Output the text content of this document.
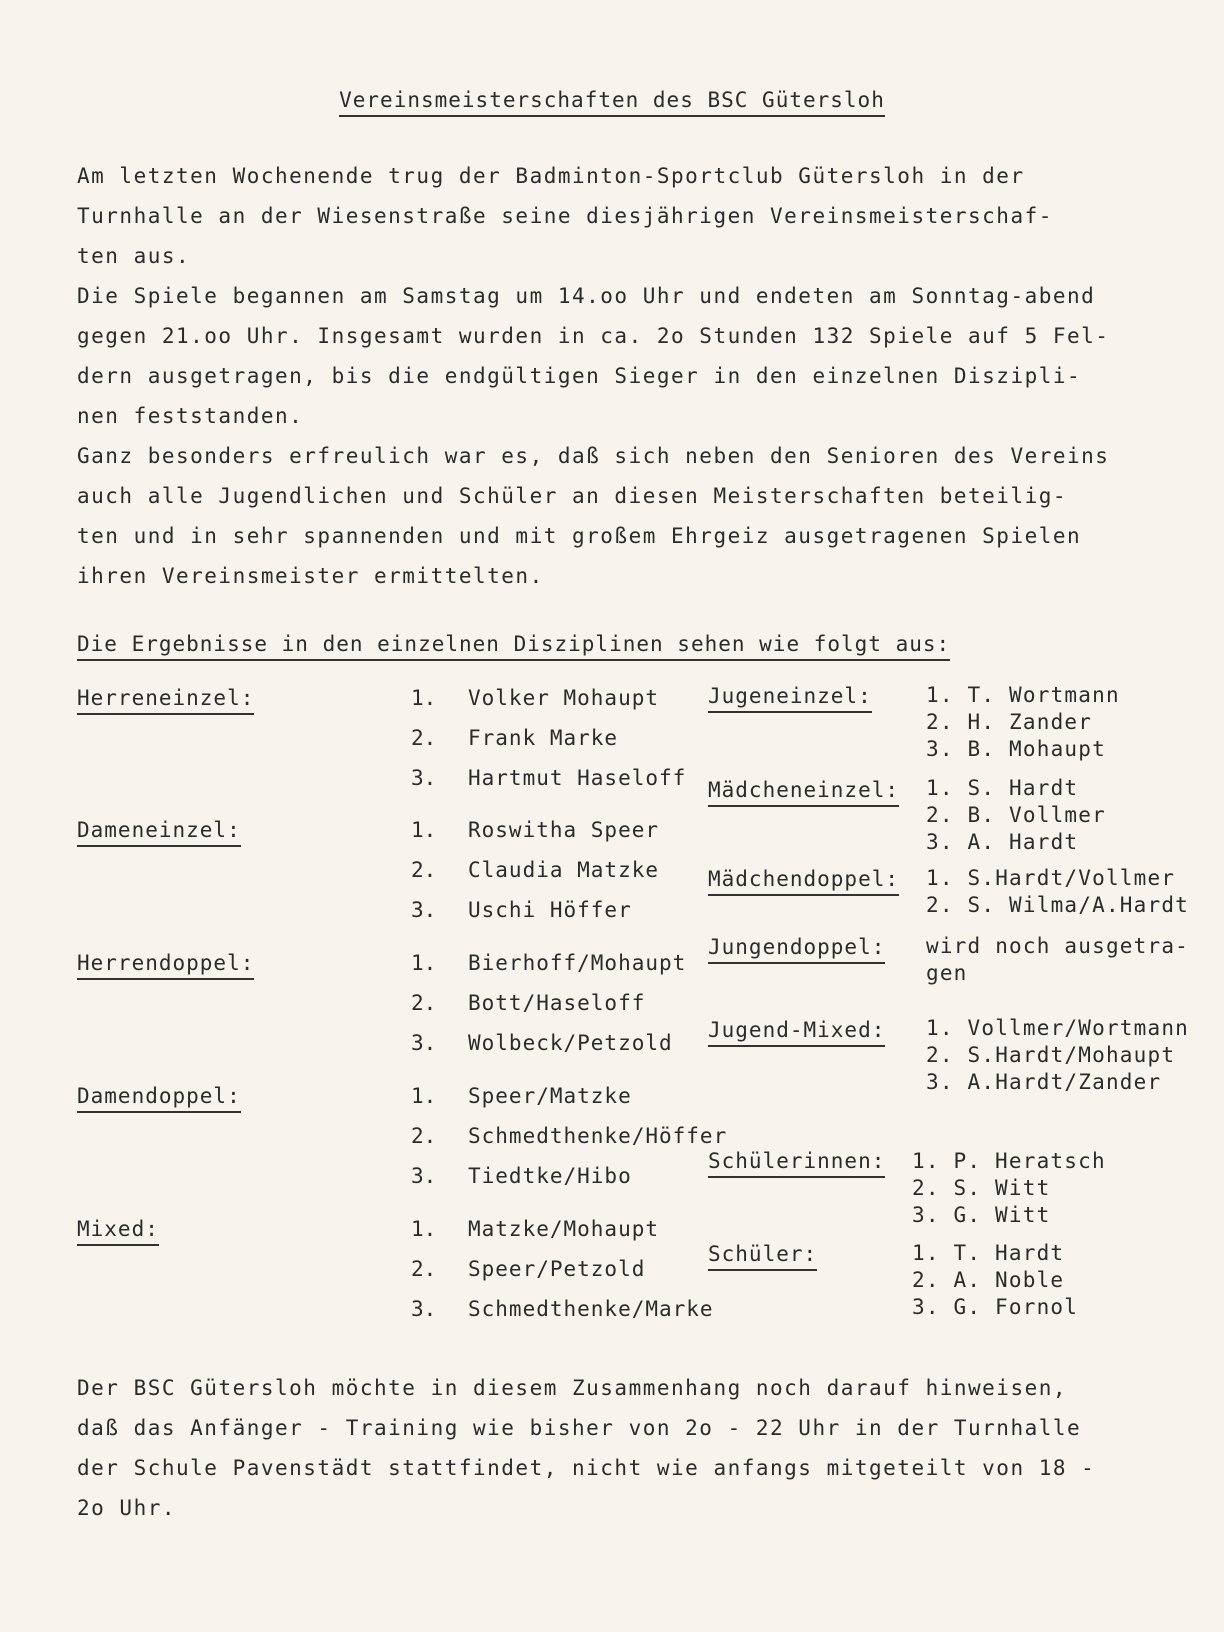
Vereinsmeisterschaften des BSC Gütersloh
Am letzten Wochenende trug der Badminton-Sportclub Gütersloh in der
Turnhalle an der Wiesenstraße seine diesjährigen Vereinsmeisterschaf-
ten aus.
Die Spiele begannen am Samstag um 14.oo Uhr und endeten am Sonntag-abend
gegen 21.oo Uhr. Insgesamt wurden in ca. 2o Stunden 132 Spiele auf 5 Fel-
dern ausgetragen, bis die endgültigen Sieger in den einzelnen Diszipli-
nen feststanden.
Ganz besonders erfreulich war es, daß sich neben den Senioren des Vereins
auch alle Jugendlichen und Schüler an diesen Meisterschaften beteilig-
ten und in sehr spannenden und mit großem Ehrgeiz ausgetragenen Spielen
ihren Vereinsmeister ermittelten.
Die Ergebnisse in den einzelnen Disziplinen sehen wie folgt aus:
Herreneinzel:	1. Volker Mohaupt
2. Frank Marke
3. Hartmut Haseloff
Dameneinzel:	1. Roswitha Speer
2. Claudia Matzke
3. Uschi Höffer
Herrendoppel:	1. Bierhoff/Mohaupt
2. Bott/Haseloff
3. Wolbeck/Petzold
Damendoppel:	1. Speer/Matzke
2. Schmedthenke/Höffer
3. Tiedtke/Hibo
Mixed:	1. Matzke/Mohaupt
2. Speer/Petzold
3. Schmedthenke/Marke
Jugeneinzel:	1. T. Wortmann
2. H. Zander
3. B. Mohaupt
Mädcheneinzel: 1. S. Hardt
2. B. Vollmer
3. A. Hardt
Mädchendoppel: 1. S.Hardt/Vollmer
2. S. Wilma/A.Hardt
Jungendoppel: wird noch ausgetra-
gen
Jugend-Mixed: 1. Vollmer/Wortmann
2. S.Hardt/Mohaupt
3. A.Hardt/Zander
Schülerinnen: 1. P. Heratsch
2. S. Witt
3. G. Witt
Schüler:	1. T. Hardt
2. A. Noble
3. G. Fornol
Der BSC Gütersloh möchte in diesem Zusammenhang noch darauf hinweisen,
daß das Anfänger - Training wie bisher von 2o - 22 Uhr in der Turnhalle
der Schule Pavenstädt stattfindet, nicht wie anfangs mitgeteilt von 18 -
2o Uhr.
